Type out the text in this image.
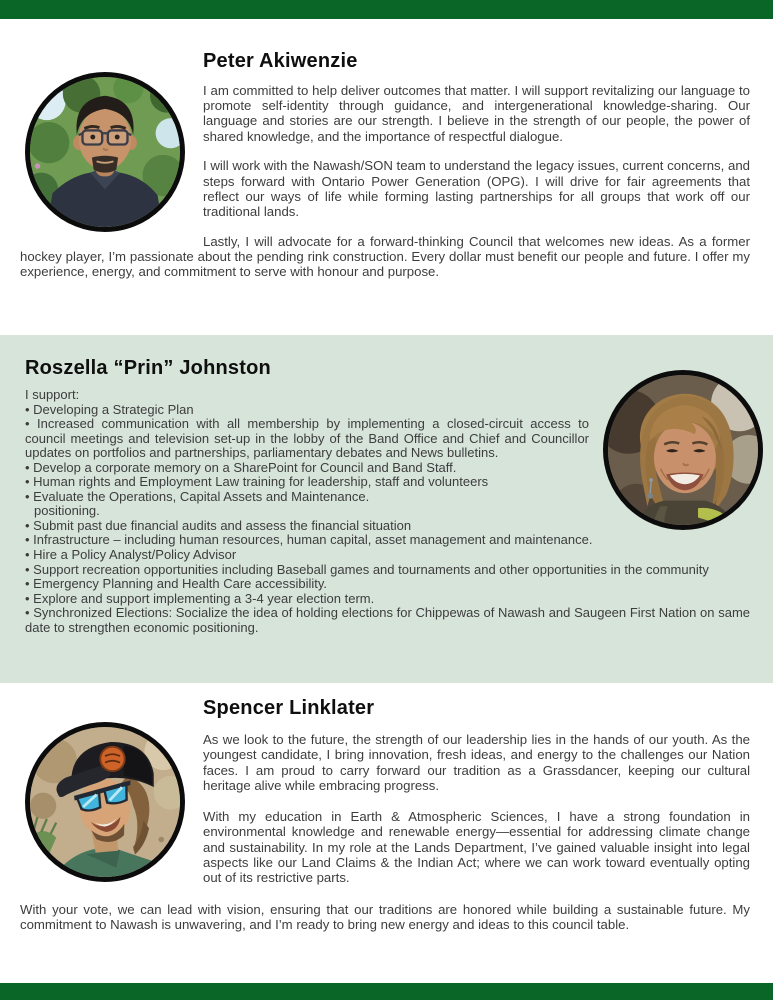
Peter Akiwenzie

I am committed to help deliver outcomes that matter. I will support revitalizing our language to promote self-identity through guidance, and intergenerational knowledge-sharing. Our language and stories are our strength. I believe in the strength of our people, the power of shared knowledge, and the importance of respectful dialogue.

I will work with the Nawash/SON team to understand the legacy issues, current concerns, and steps forward with Ontario Power Generation (OPG). I will drive for fair agreements that reflect our ways of life while forming lasting partnerships for all groups that work off our traditional lands.

Lastly, I will advocate for a forward-thinking Council that welcomes new ideas. As a former hockey player, I’m passionate about the pending rink construction. Every dollar must benefit our people and future. I offer my experience, energy, and commitment to serve with honour and purpose.

Roszella “Prin” Johnston
I support:
• Developing a Strategic Plan
• Increased communication with all membership by implementing a closed-circuit access to council meetings and television set-up in the lobby of the Band Office and Chief and Councillor updates on portfolios and partnerships, parliamentary debates and News bulletins.
• Develop a corporate memory on a SharePoint for Council and Band Staff.
• Human rights and Employment Law training for leadership, staff and volunteers
• Evaluate the Operations, Capital Assets and Maintenance.
positioning.
• Submit past due financial audits and assess the financial situation
• Infrastructure – including human resources, human capital, asset management and maintenance.
• Hire a Policy Analyst/Policy Advisor
• Support recreation opportunities including Baseball games and tournaments and other opportunities in the community
• Emergency Planning and Health Care accessibility.
• Explore and support implementing a 3-4 year election term.
• Synchronized Elections: Socialize the idea of holding elections for Chippewas of Nawash and Saugeen First Nation on same date to strengthen economic positioning.
Spencer Linklater

As we look to the future, the strength of our leadership lies in the hands of our youth. As the youngest candidate, I bring innovation, fresh ideas, and energy to the challenges our Nation faces. I am proud to carry forward our tradition as a Grassdancer, keeping our cultural heritage alive while embracing progress.

With my education in Earth & Atmospheric Sciences, I have a strong foundation in environmental knowledge and renewable energy—essential for addressing climate change and sustainability. In my role at the Lands Department, I’ve gained valuable insight into legal aspects like our Land Claims & the Indian Act; where we can work toward eventually opting out of its restrictive parts.

With your vote, we can lead with vision, ensuring that our traditions are honored while building a sustainable future. My commitment to Nawash is unwavering, and I’m ready to bring new energy and ideas to this council table.
